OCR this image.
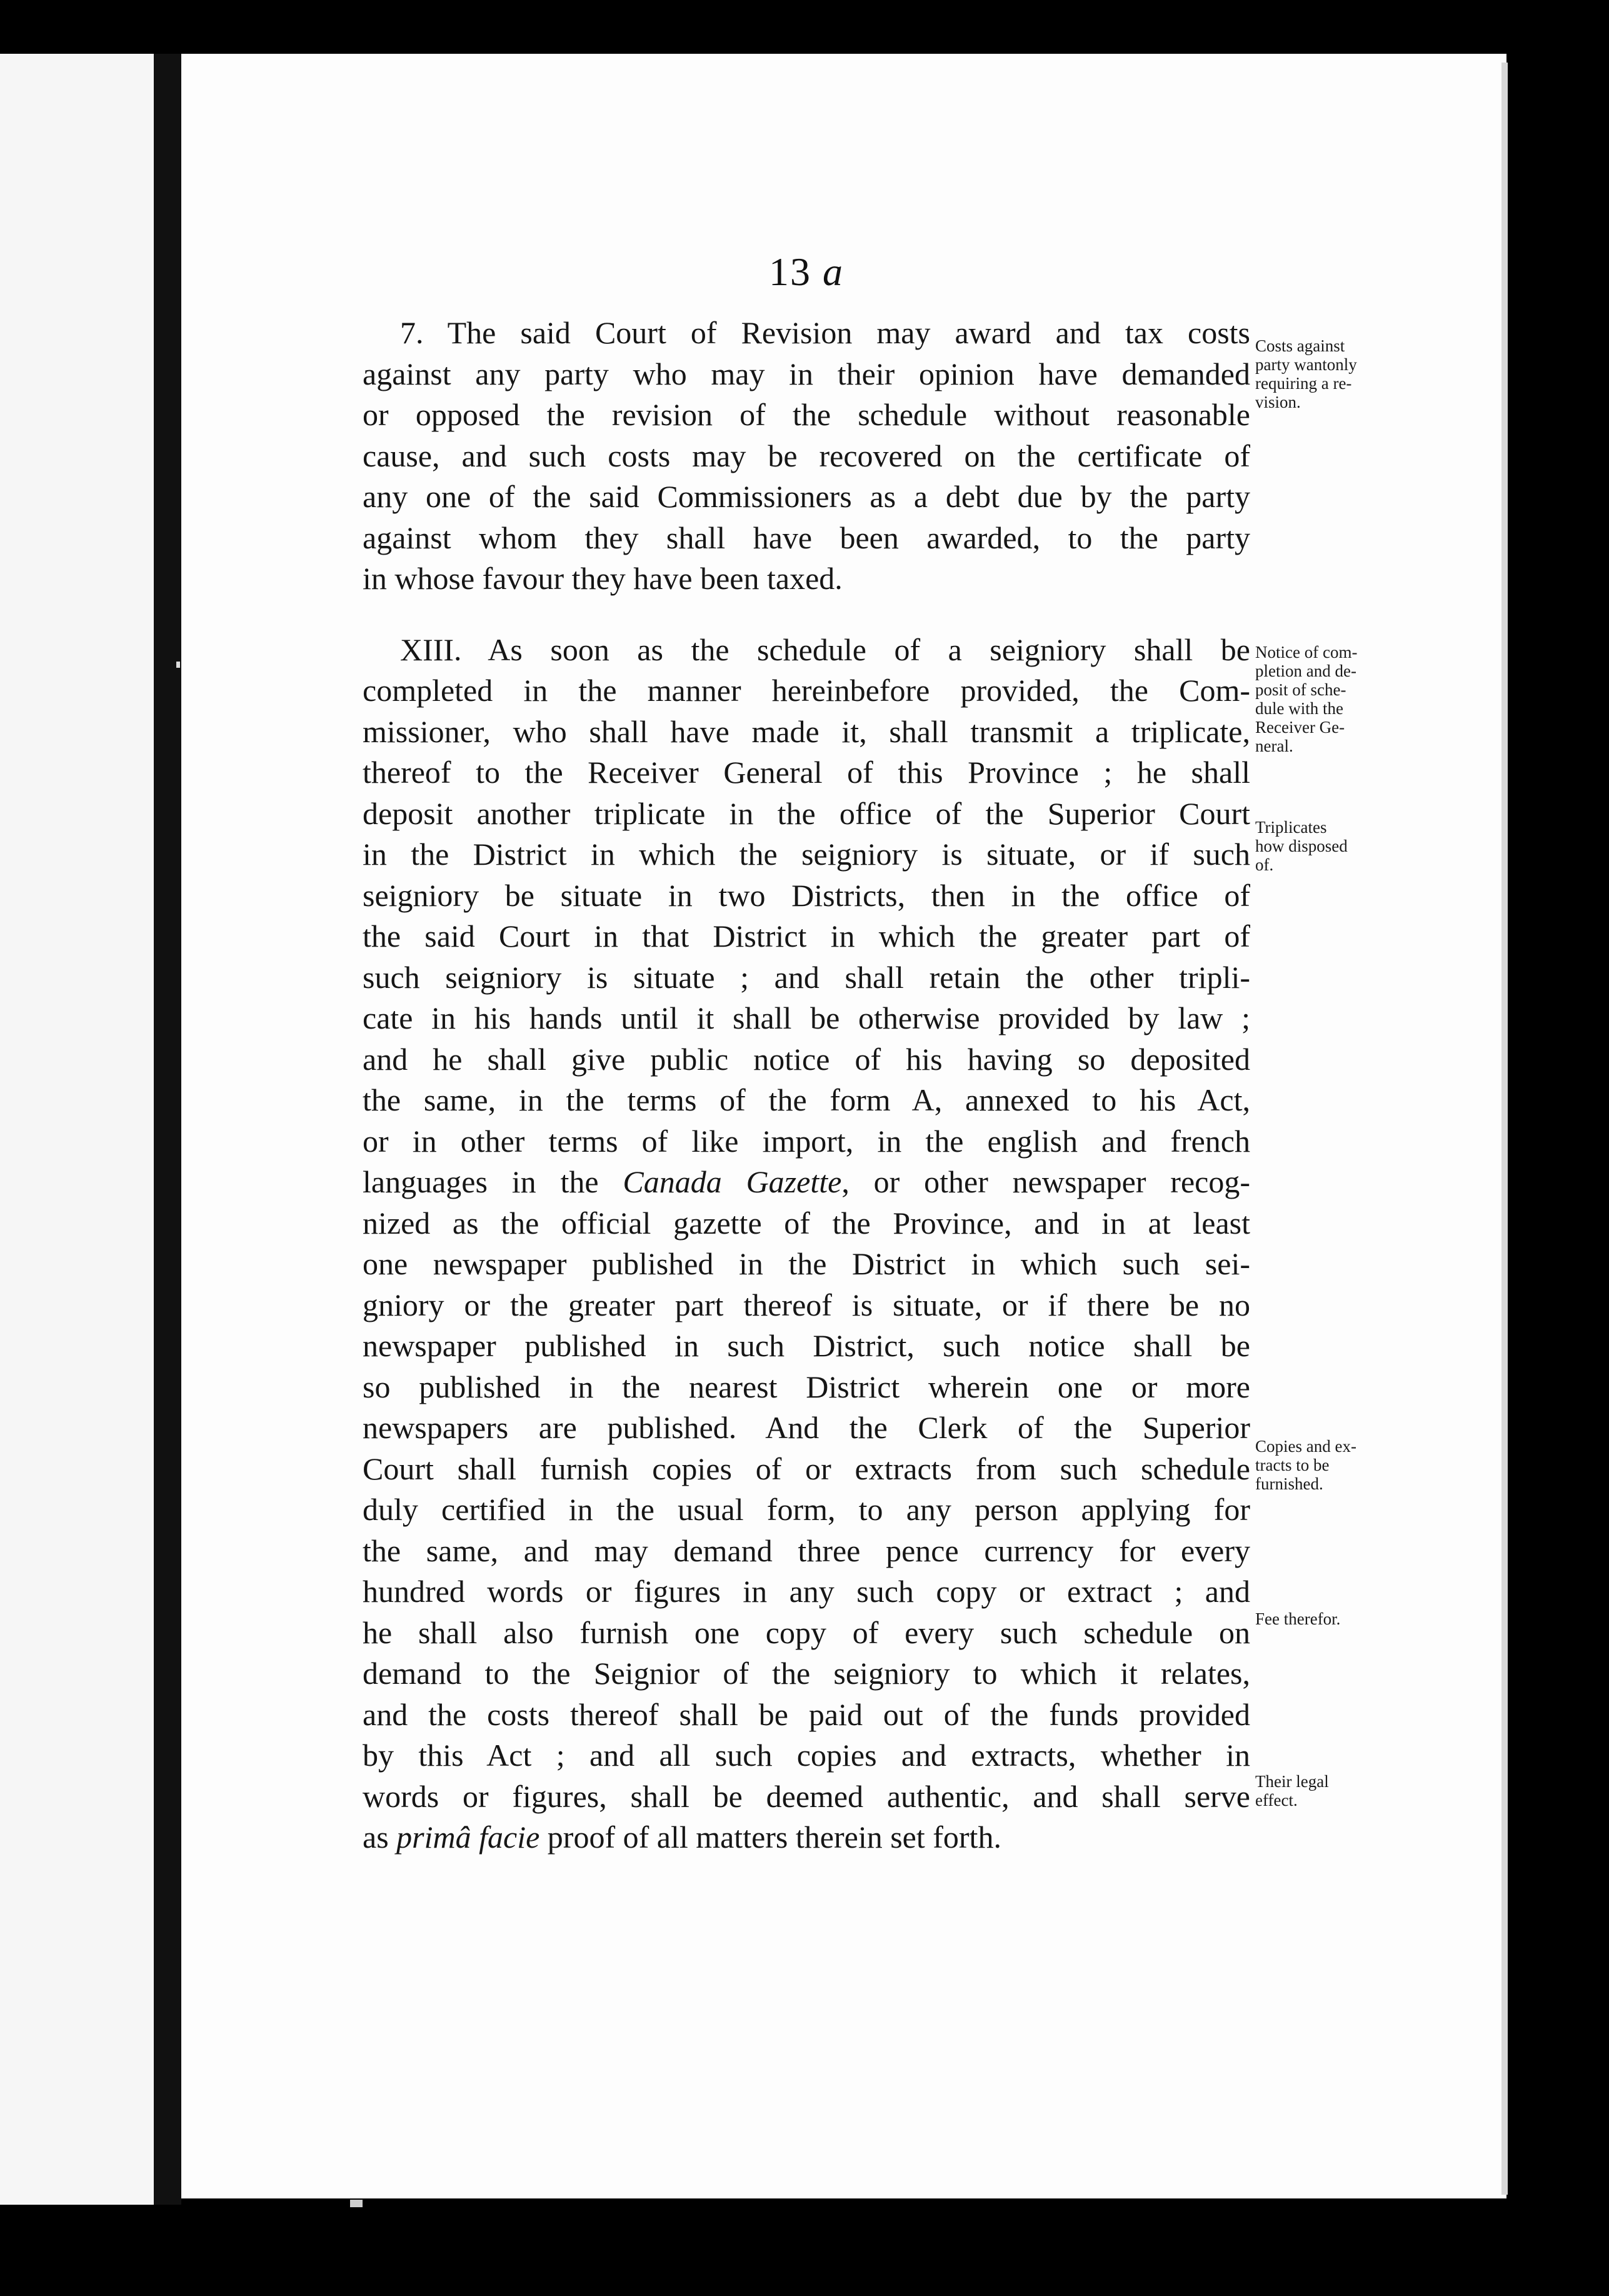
13 a
7. The said Court of Revision may award and tax costs
against any party who may in their opinion have demanded
or opposed the revision of the schedule without reasonable
cause, and such costs may be recovered on the certificate of
any one of the said Commissioners as a debt due by the party
against whom they shall have been awarded, to the party
in whose favour they have been taxed.
XIII. As soon as the schedule of a seigniory shall be
completed in the manner hereinbefore provided, the Com-
missioner, who shall have made it, shall transmit a triplicate,
thereof to the Receiver General of this Province ; he shall
deposit another triplicate in the office of the Superior Court
in the District in which the seigniory is situate, or if such
seigniory be situate in two Districts, then in the office of
the said Court in that District in which the greater part of
such seigniory is situate ; and shall retain the other tripli-
cate in his hands until it shall be otherwise provided by law ;
and he shall give public notice of his having so deposited
the same, in the terms of the form A, annexed to his Act,
or in other terms of like import, in the english and french
languages in the Canada Gazette, or other newspaper recog-
nized as the official gazette of the Province, and in at least
one newspaper published in the District in which such sei-
gniory or the greater part thereof is situate, or if there be no
newspaper published in such District, such notice shall be
so published in the nearest District wherein one or more
newspapers are published. And the Clerk of the Superior
Court shall furnish copies of or extracts from such schedule
duly certified in the usual form, to any person applying for
the same, and may demand three pence currency for every
hundred words or figures in any such copy or extract ; and
he shall also furnish one copy of every such schedule on
demand to the Seignior of the seigniory to which it relates,
and the costs thereof shall be paid out of the funds provided
by this Act ; and all such copies and extracts, whether in
words or figures, shall be deemed authentic, and shall serve
as primâ facie proof of all matters therein set forth.
Costs against
party wantonly
requiring a re-
vision.
Notice of com-
pletion and de-
posit of sche-
dule with the
Receiver Ge-
neral.
Triplicates
how disposed
of.
Copies and ex-
tracts to be
furnished.
Fee therefor.
Their legal
effect.
